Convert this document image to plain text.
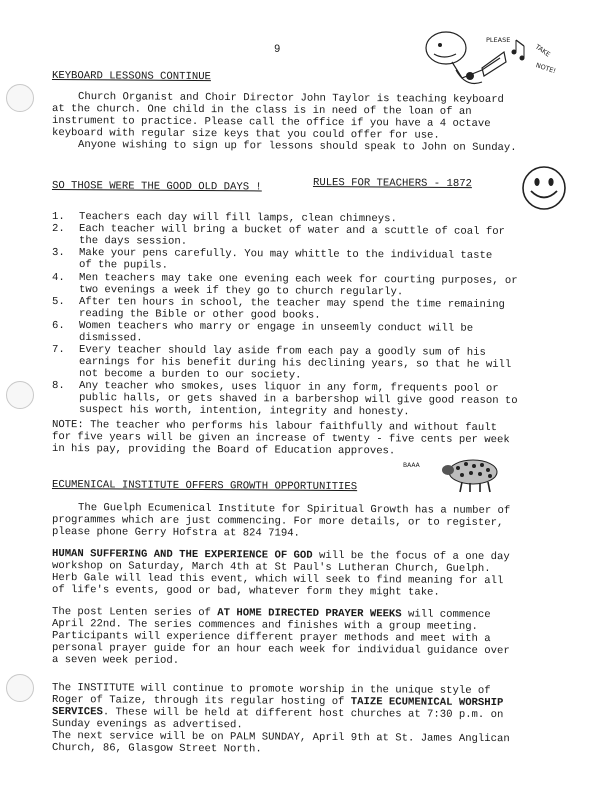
9
PLEASE
TAKE
NOTE!
KEYBOARD LESSONS CONTINUE
Church Organist and Choir Director John Taylor is teaching keyboard
at the church. One child in the class is in need of the loan of an
instrument to practice. Please call the office if you have a 4 octave
keyboard with regular size keys that you could offer for use.
Anyone wishing to sign up for lessons should speak to John on Sunday.
SO THOSE WERE THE GOOD OLD DAYS !	RULES FOR TEACHERS - 1872
1. Teachers each day will fill lamps, clean chimneys.
2. Each teacher will bring a bucket of water and a scuttle of coal for
the days session.
3. Make your pens carefully. You may whittle to the individual taste
of the pupils.
4. Men teachers may take one evening each week for courting purposes, or
two evenings a week if they go to church regularly.
5. After ten hours in school, the teacher may spend the time remaining
reading the Bible or other good books.
6. Women teachers who marry or engage in unseemly conduct will be
dismissed.
7. Every teacher should lay aside from each pay a goodly sum of his
earnings for his benefit during his declining years, so that he will
not become a burden to our society.
8. Any teacher who smokes, uses liquor in any form, frequents pool or
public halls, or gets shaved in a barbershop will give good reason to
suspect his worth, intention, integrity and honesty.
NOTE: The teacher who performs his labour faithfully and without fault
for five years will be given an increase of twenty - five cents per week
in his pay, providing the Board of Education approves.
BAAA
ECUMENICAL INSTITUTE OFFERS GROWTH OPPORTUNITIES
The Guelph Ecumenical Institute for Spiritual Growth has a number of
programmes which are just commencing. For more details, or to register,
please phone Gerry Hofstra at 824 7194.
HUMAN SUFFERING AND THE EXPERIENCE OF GOD will be the focus of a one day
workshop on Saturday, March 4th at St Paul's Lutheran Church, Guelph.
Herb Gale will lead this event, which will seek to find meaning for all
of life's events, good or bad, whatever form they might take.
The post Lenten series of AT HOME DIRECTED PRAYER WEEKS will commence
April 22nd. The series commences and finishes with a group meeting.
Participants will experience different prayer methods and meet with a
personal prayer guide for an hour each week for individual guidance over
a seven week period.
The INSTITUTE will continue to promote worship in the unique style of
Roger of Taize, through its regular hosting of TAIZE ECUMENICAL WORSHIP
SERVICES. These will be held at different host churches at 7:30 p.m. on
Sunday evenings as advertised.
The next service will be on PALM SUNDAY, April 9th at St. James Anglican
Church, 86, Glasgow Street North.
